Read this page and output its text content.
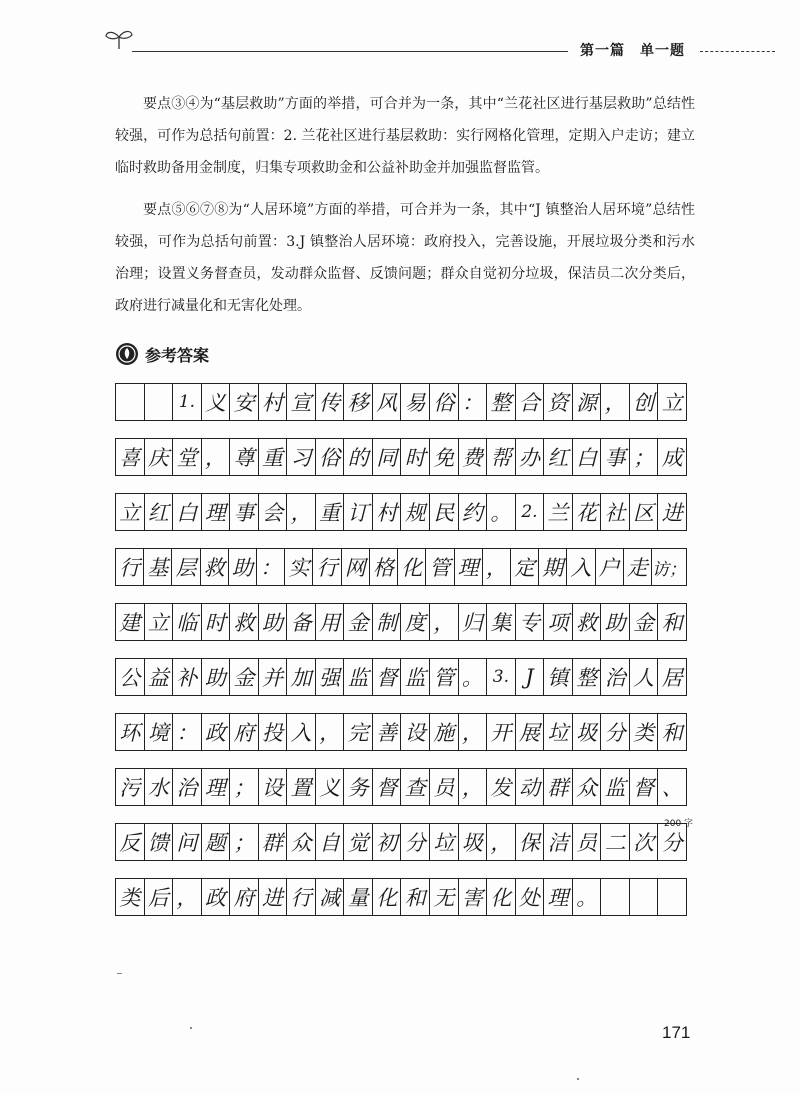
第一篇　单一题

要点③④为“基层救助”方面的举措，可合并为一条，其中“兰花社区进行基层救助”总结性较强，可作为总括句前置：2. 兰花社区进行基层救助：实行网格化管理，定期入户走访；建立临时救助备用金制度，归集专项救助金和公益补助金并加强监督监管。

要点⑤⑥⑦⑧为“人居环境”方面的举措，可合并为一条，其中“J 镇整治人居环境”总结性较强，可作为总括句前置：3.J 镇整治人居环境：政府投入，完善设施，开展垃圾分类和污水治理；设置义务督查员，发动群众监督、反馈问题；群众自觉初分垃圾，保洁员二次分类后，政府进行减量化和无害化处理。

参考答案
1. 义 安 村 宣 传 移 风 易 俗 ： 整 合 资 源 ， 创 立
喜 庆 堂 ， 尊 重 习 俗 的 同 时 免 费 帮 办 红 白 事 ； 成
立 红 白 理 事 会 ， 重 订 村 规 民 约 。 2. 兰 花 社 区 进
行 基 层 救 助 ： 实 行 网 格 化 管 理 ， 定 期 入 户 走 访；
建 立 临 时 救 助 备 用 金 制 度 ， 归 集 专 项 救 助 金 和
公 益 补 助 金 并 加 强 监 督 监 管 。 3. J 镇 整 治 人 居
环 境 ： 政 府 投 入 ， 完 善 设 施 ， 开 展 垃 圾 分 类 和
污 水 治 理 ； 设 置 义 务 督 查 员 ， 发 动 群 众 监 督 、
反 馈 问 题 ； 群 众 自 觉 初 分 垃 圾 ， 保 洁 员 二 次 分
类 后 ， 政 府 进 行 减 量 化 和 无 害 化 处 理 。
200 字
171
